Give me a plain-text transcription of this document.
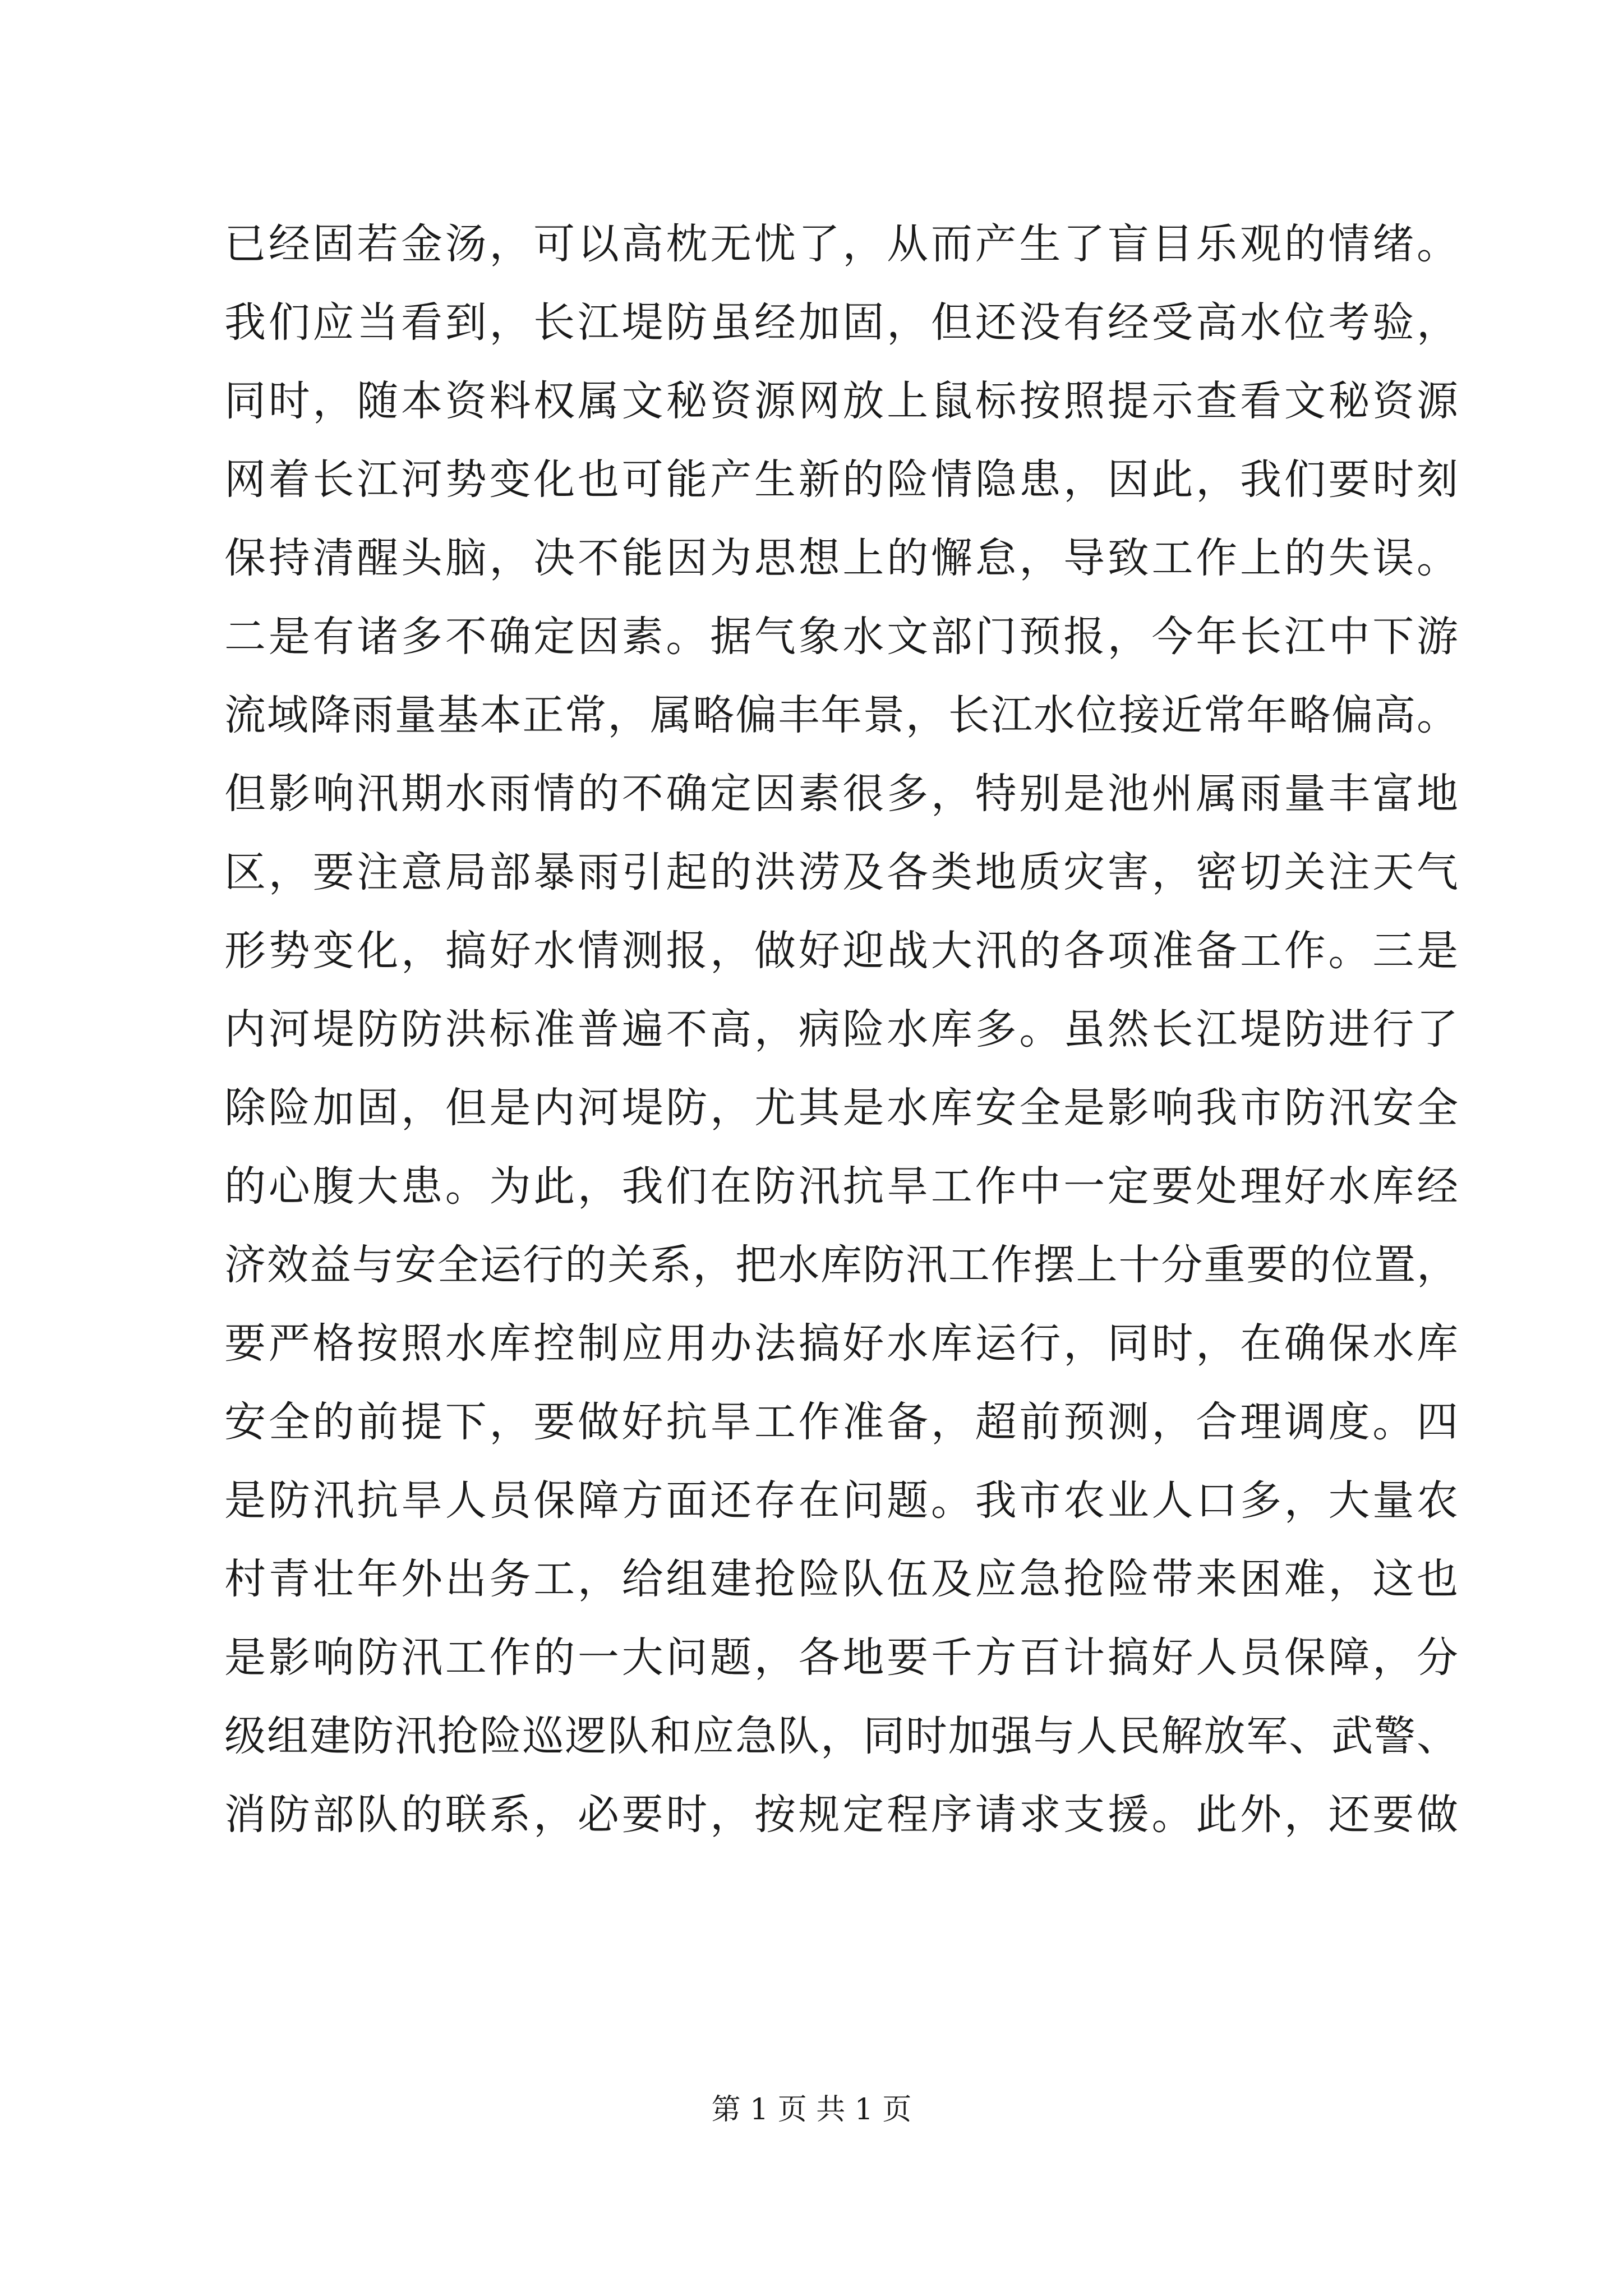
已经固若金汤，可以高枕无忧了，从而产生了盲目乐观的情绪。
我们应当看到，长江堤防虽经加固，但还没有经受高水位考验，
同时，随本资料权属文秘资源网放上鼠标按照提示查看文秘资源
网着长江河势变化也可能产生新的险情隐患，因此，我们要时刻
保持清醒头脑，决不能因为思想上的懈怠，导致工作上的失误。
二是有诸多不确定因素。据气象水文部门预报，今年长江中下游
流域降雨量基本正常，属略偏丰年景，长江水位接近常年略偏高。
但影响汛期水雨情的不确定因素很多，特别是池州属雨量丰富地
区，要注意局部暴雨引起的洪涝及各类地质灾害，密切关注天气
形势变化，搞好水情测报，做好迎战大汛的各项准备工作。三是
内河堤防防洪标准普遍不高，病险水库多。虽然长江堤防进行了
除险加固，但是内河堤防，尤其是水库安全是影响我市防汛安全
的心腹大患。为此，我们在防汛抗旱工作中一定要处理好水库经
济效益与安全运行的关系，把水库防汛工作摆上十分重要的位置，
要严格按照水库控制应用办法搞好水库运行，同时，在确保水库
安全的前提下，要做好抗旱工作准备，超前预测，合理调度。四
是防汛抗旱人员保障方面还存在问题。我市农业人口多，大量农
村青壮年外出务工，给组建抢险队伍及应急抢险带来困难，这也
是影响防汛工作的一大问题，各地要千方百计搞好人员保障，分
级组建防汛抢险巡逻队和应急队，同时加强与人民解放军、武警、
消防部队的联系，必要时，按规定程序请求支援。此外，还要做
第 1 页 共 1 页
